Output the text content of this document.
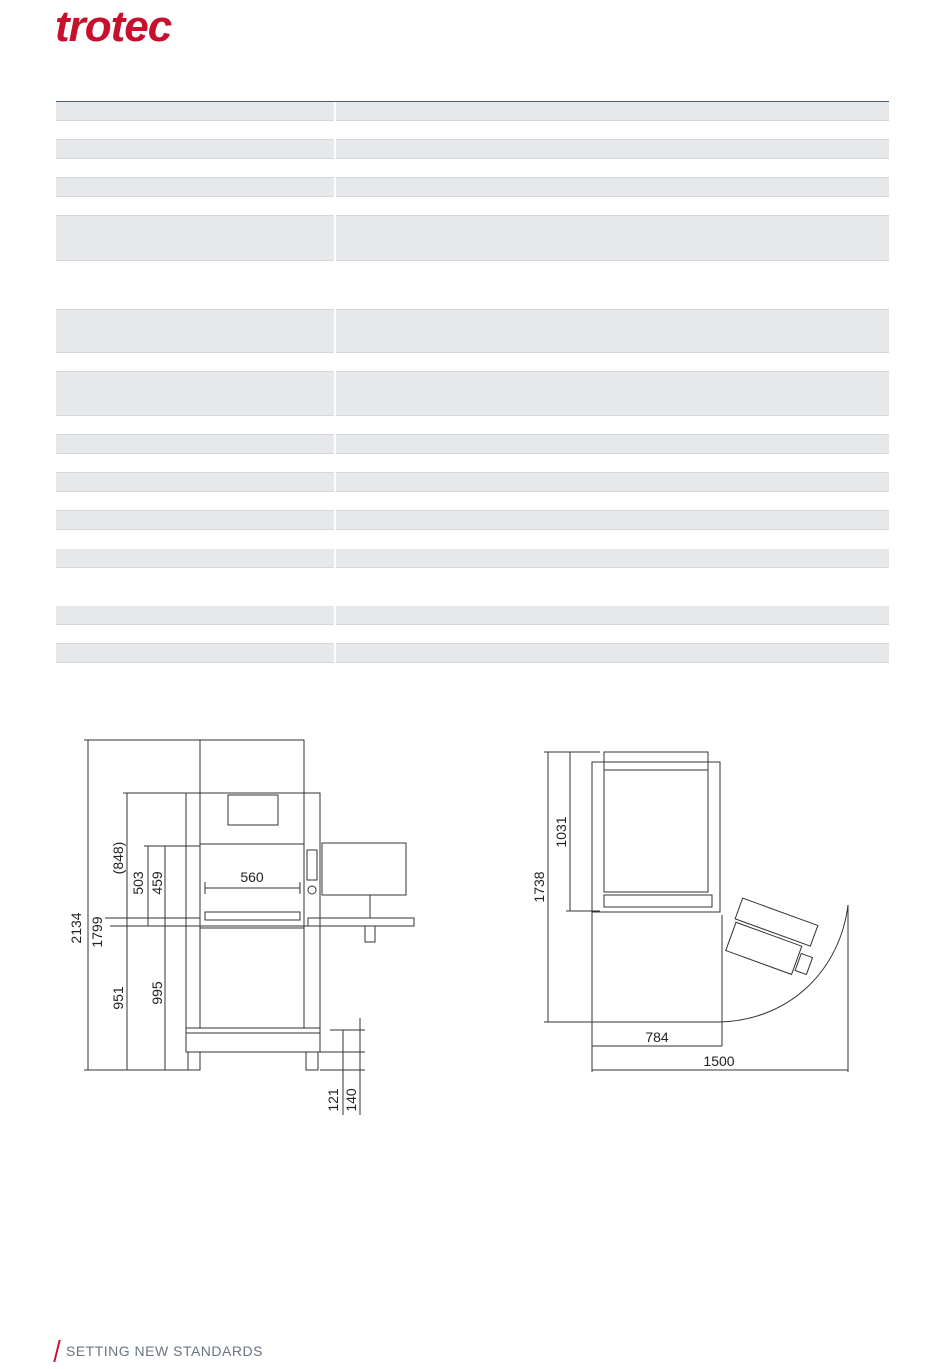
trotec

2134 1799
(848)
503 459
951 995
560
121 140
1738
1031
784
1500
SETTING NEW STANDARDS
